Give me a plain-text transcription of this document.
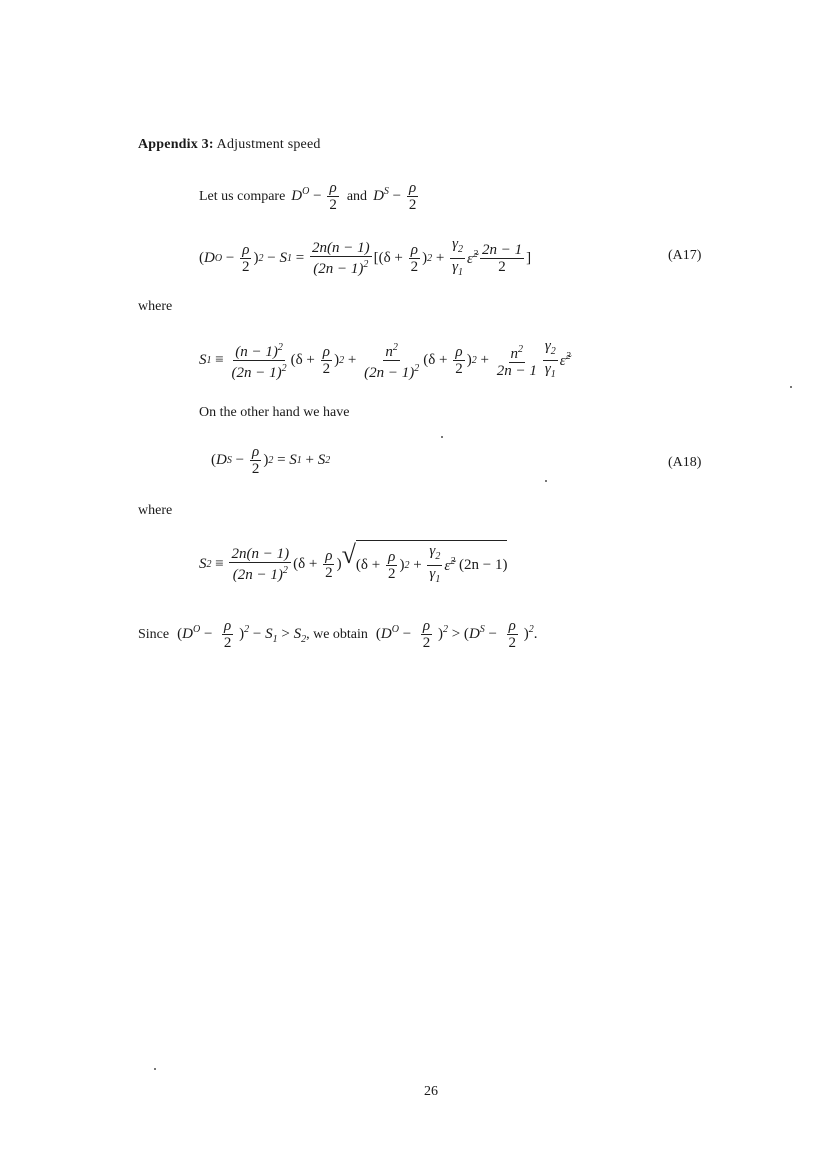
Appendix 3: Adjustment speed
Let us compare $D^O - \frac{\rho}{2}$ and $D^S - \frac{\rho}{2}$
( D $O - \frac{\rho}{2}$ ) 2 − S $1 = \frac{2n(n - 1)}{(2n - 1)^2} [(\delta + \frac{\rho}{2}$ ) $2 + \frac{\gamma_2}{\gamma_1}$ ε̃$^2$ $\frac{2n - 1}{2}$ ]	(A17)
where
S $1 \equiv \frac{(n - 1)^2}{(2n - 1)^2} (\delta + \frac{\rho}{2}$ ) $2 + \frac{n^2}{(2n - 1)^2} (\delta + \frac{\rho}{2}$ ) $2 + \frac{n^2}{2n - 1} \frac{\gamma_2}{\gamma_1}$ ε̃$^2$
On the other hand we have
( D $S - \frac{\rho}{2}$ ) 2 = S 1 + S 2	(A18)
where
S $2 \equiv \frac{2n(n - 1)}{(2n - 1)^2} (\delta + \frac{\rho}{2}$ ) √ ($\delta + \frac{\rho}{2}$ ) $2 + \frac{\gamma_2}{\gamma_1}$ ε̃$^2$ (2n − 1)
Since $(D^O - \frac{\rho}{2} )^2 - S_1 > S_2$ , we obtain $(D^O - \frac{\rho}{2} )^2 > (D^S - \frac{\rho}{2} )^2$.
26
